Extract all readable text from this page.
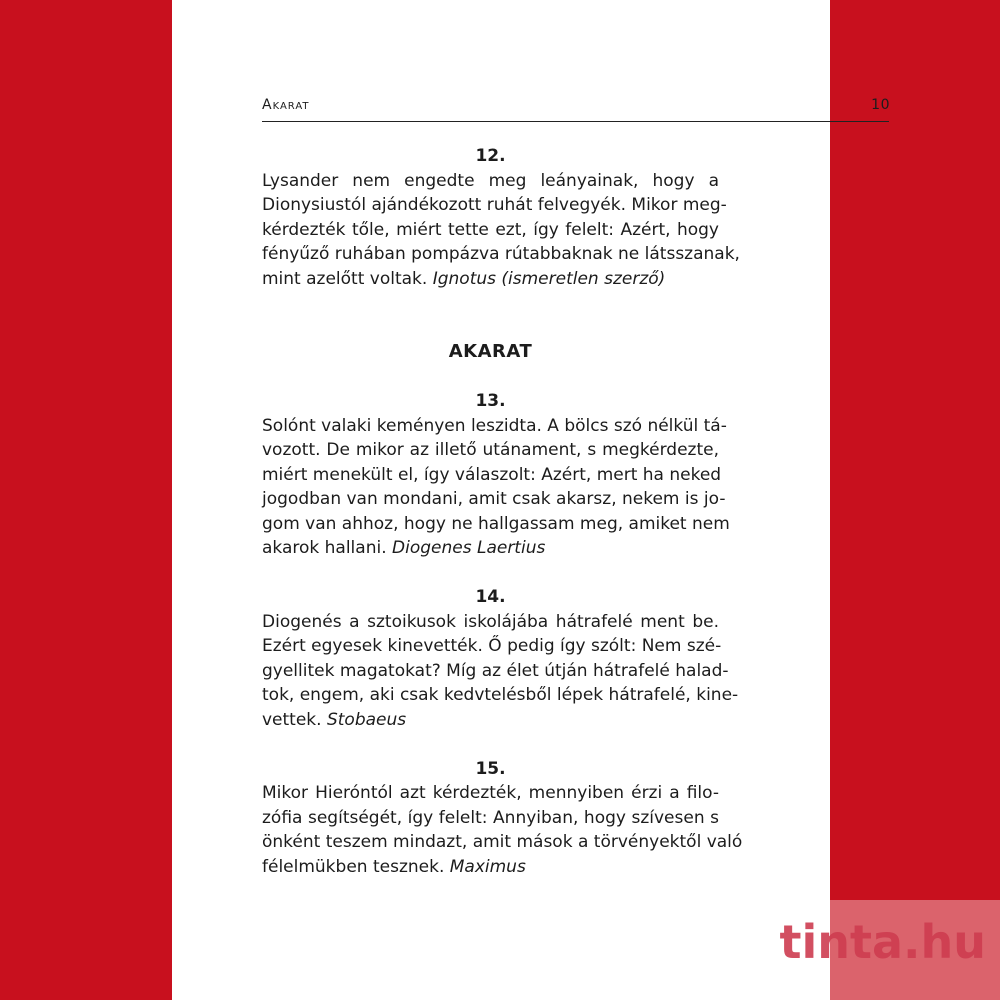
Akarat	10

12.

Lysander nem engedte meg leányainak, hogy a
Dionysiustól ajándékozott ruhát felvegyék. Mikor meg-
kérdezték tőle, miért tette ezt, így felelt: Azért, hogy
fényűző ruhában pompázva rútabbaknak ne látsszanak,
mint azelőtt voltak. Ignotus (ismeretlen szerző)

AKARAT

13.

Solónt valaki keményen leszidta. A bölcs szó nélkül tá-
vozott. De mikor az illető utánament, s megkérdezte,
miért menekült el, így válaszolt: Azért, mert ha neked
jogodban van mondani, amit csak akarsz, nekem is jo-
gom van ahhoz, hogy ne hallgassam meg, amiket nem
akarok hallani. Diogenes Laertius

14.

Diogenés a sztoikusok iskolájába hátrafelé ment be.
Ezért egyesek kinevették. Ő pedig így szólt: Nem szé-
gyellitek magatokat? Míg az élet útján hátrafelé halad-
tok, engem, aki csak kedvtelésből lépek hátrafelé, kine-
vettek. Stobaeus

15.

Mikor Hieróntól azt kérdezték, mennyiben érzi a filo-
zófia segítségét, így felelt: Annyiban, hogy szívesen s
önként teszem mindazt, amit mások a törvényektől való
félelmükben tesznek. Maximus

tinta.hu
